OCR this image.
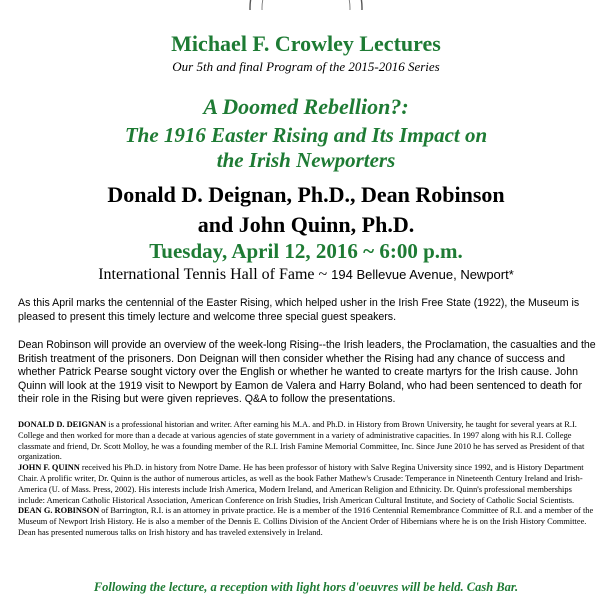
Michael F. Crowley Lectures
Our 5th and final Program of the 2015-2016 Series
A Doomed Rebellion?:
The 1916 Easter Rising and Its Impact on
the Irish Newporters
Donald D. Deignan, Ph.D., Dean Robinson
and John Quinn, Ph.D.
Tuesday, April 12, 2016 ~ 6:00 p.m.
International Tennis Hall of Fame ~ 194 Bellevue Avenue, Newport*

As this April marks the centennial of the Easter Rising, which helped usher in the Irish Free State (1922), the Museum is pleased to present this timely lecture and welcome three special guest speakers.

Dean Robinson will provide an overview of the week-long Rising--the Irish leaders, the Proclamation, the casualties and the British treatment of the prisoners. Don Deignan will then consider whether the Rising had any chance of success and whether Patrick Pearse sought victory over the English or whether he wanted to create martyrs for the Irish cause. John Quinn will look at the 1919 visit to Newport by Eamon de Valera and Harry Boland, who had been sentenced to death for their role in the Rising but were given reprieves. Q&A to follow the presentations.

DONALD D. DEIGNAN is a professional historian and writer. After earning his M.A. and Ph.D. in History from Brown University, he taught for several years at R.I. College and then worked for more than a decade at various agencies of state government in a variety of administrative capacities. In 1997 along with his R.I. College classmate and friend, Dr. Scott Molloy, he was a founding member of the R.I. Irish Famine Memorial Committee, Inc. Since June 2010 he has served as President of that organization.

JOHN F. QUINN received his Ph.D. in history from Notre Dame. He has been professor of history with Salve Regina University since 1992, and is History Department Chair. A prolific writer, Dr. Quinn is the author of numerous articles, as well as the book Father Mathew's Crusade: Temperance in Nineteenth Century Ireland and Irish-America (U. of Mass. Press, 2002). His interests include Irish America, Modern Ireland, and American Religion and Ethnicity. Dr. Quinn's professional memberships include: American Catholic Historical Association, American Conference on Irish Studies, Irish American Cultural Institute, and Society of Catholic Social Scientists.

DEAN G. ROBINSON of Barrington, R.I. is an attorney in private practice. He is a member of the 1916 Centennial Remembrance Committee of R.I. and a member of the Museum of Newport Irish History. He is also a member of the Dennis E. Collins Division of the Ancient Order of Hibernians where he is on the Irish History Committee. Dean has presented numerous talks on Irish history and has traveled extensively in Ireland.

Following the lecture, a reception with light hors d'oeuvres will be held. Cash Bar.
